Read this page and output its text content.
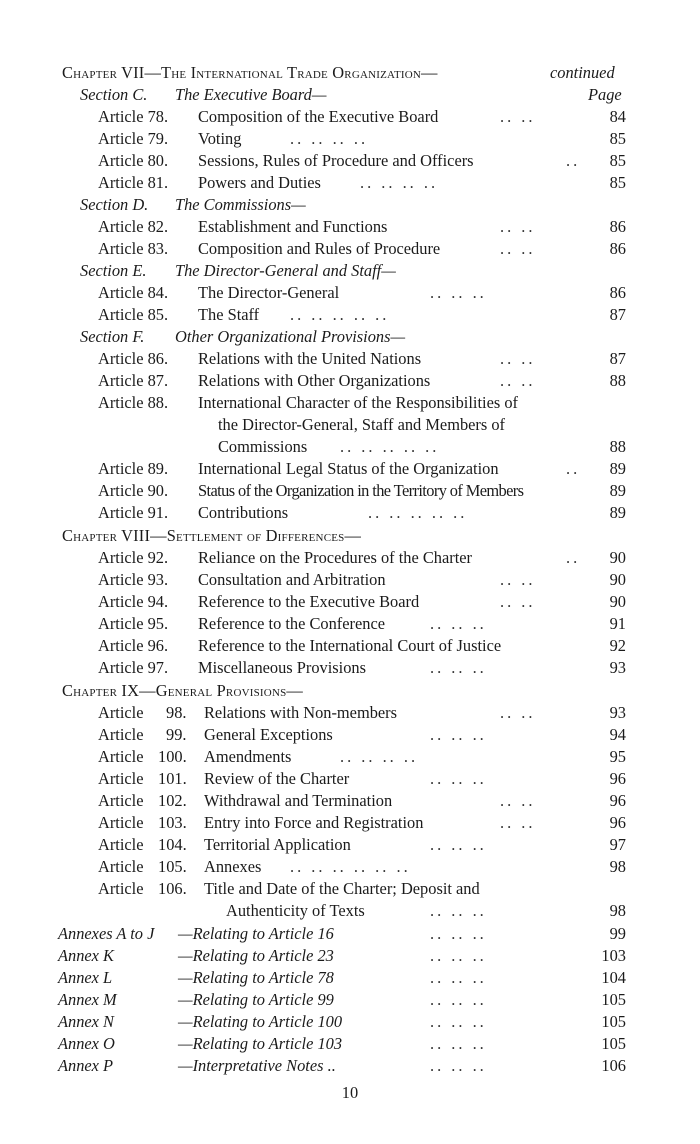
Chapter VII—The International Trade Organization—	continued
Section C. The Executive Board—	Page
Article 78. Composition of the Executive Board	.. ..	84
Article 79. Voting	.. .. .. ..	85
Article 80. Sessions, Rules of Procedure and Officers	..	85
Article 81. Powers and Duties .. .. .. ..	85
Section D. The Commissions—
Article 82. Establishment and Functions	.. ..	86
Article 83. Composition and Rules of Procedure	.. ..	86
Section E. The Director-General and Staff—
Article 84. The Director-General	.. .. ..	86
Article 85. The Staff .. .. .. .. ..	87
Section F. Other Organizational Provisions—
Article 86. Relations with the United Nations	.. ..	87
Article 87. Relations with Other Organizations	.. ..	88
Article 88. International Character of the Responsibilities of
the Director-General, Staff and Members of
Commissions .. .. .. .. ..	88
Article 89. International Legal Status of the Organization	..	89
Article 90. Status of the Organization in the Territory of Members	89
Article 91. Contributions	.. .. .. .. ..	89
Chapter VIII—Settlement of Differences—
Article 92. Reliance on the Procedures of the Charter	..	90
Article 93. Consultation and Arbitration	.. ..	90
Article 94. Reference to the Executive Board	.. ..	90
Article 95. Reference to the Conference	.. .. ..	91
Article 96. Reference to the International Court of Justice	92
Article 97. Miscellaneous Provisions	.. .. ..	93
Chapter IX—General Provisions—
Article 98. Relations with Non-members	.. ..	93
Article 99. General Exceptions	.. .. ..	94
Article 100. Amendments	.. .. .. ..	95
Article 101. Review of the Charter	.. .. ..	96
Article 102. Withdrawal and Termination	.. ..	96
Article 103. Entry into Force and Registration	.. ..	96
Article 104. Territorial Application	.. .. ..	97
Article 105. Annexes .. .. .. .. .. ..	98
Article 106. Title and Date of the Charter; Deposit and
Authenticity of Texts	.. .. ..	98
Annexes A to J —Relating to Article 16	.. .. ..	99
Annex K	—Relating to Article 23	.. .. ..	103
Annex L	—Relating to Article 78	.. .. ..	104
Annex M	—Relating to Article 99	.. .. ..	105
Annex N	—Relating to Article 100	.. .. ..	105
Annex O	—Relating to Article 103	.. .. ..	105
Annex P	—Interpretative Notes ..	.. .. ..	106
10
